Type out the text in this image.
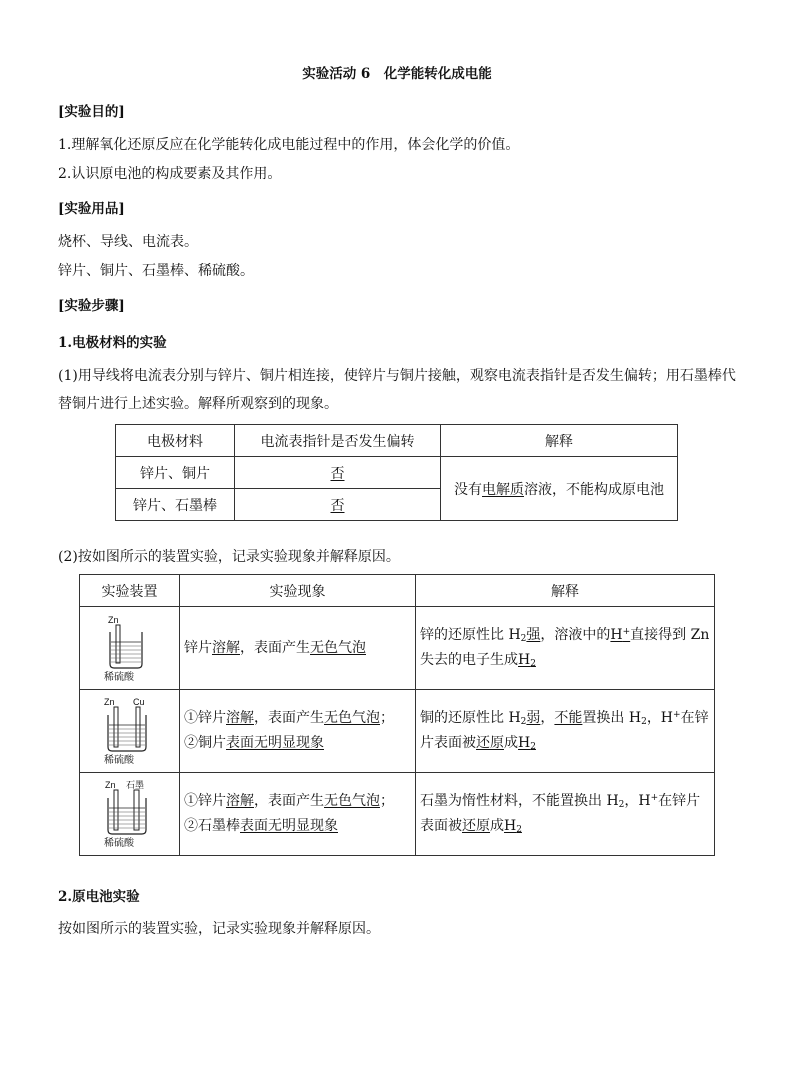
实验活动 6　化学能转化成电能
[实验目的]
1.理解氧化还原反应在化学能转化成电能过程中的作用，体会化学的价值。
2.认识原电池的构成要素及其作用。
[实验用品]
烧杯、导线、电流表。
锌片、铜片、石墨棒、稀硫酸。
[实验步骤]
1.电极材料的实验
(1)用导线将电流表分别与锌片、铜片相连接，使锌片与铜片接触，观察电流表指针是否发生偏转；用石墨棒代替铜片进行上述实验。解释所观察到的现象。
电极材料	电流表指针是否发生偏转	解释
锌片、铜片	否	没有电解质溶液，不能构成原电池
锌片、石墨棒	否	
(2)按如图所示的装置实验，记录实验现象并解释原因。
实验装置	实验现象	解释

Zn
稀硫酸	锌片溶解，表面产生无色气泡	锌的还原性比 $H_2$强，溶液中的H+直接得到 Zn 失去的电子生成$H_2$

Zn Cu
稀硫酸	①锌片溶解，表面产生无色气泡；
②铜片表面无明显现象	铜的还原性比 $H_2$弱，不能置换出 $H_2$，H+在锌片表面被还原成$H_2$

Zn 石墨
稀硫酸	①锌片溶解，表面产生无色气泡；
②石墨棒表面无明显现象	石墨为惰性材料，不能置换出 $H_2$，H+在锌片表面被还原成$H_2$
2.原电池实验
按如图所示的装置实验，记录实验现象并解释原因。
